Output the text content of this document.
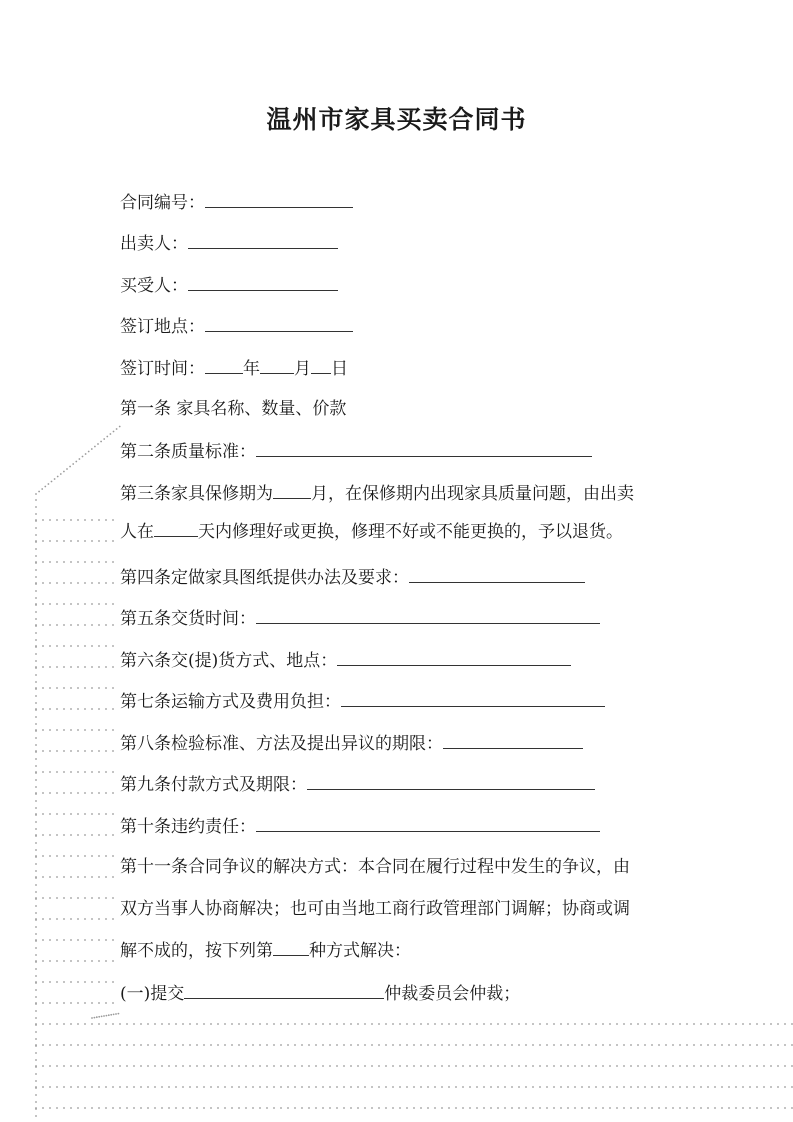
温州市家具买卖合同书
合同编号：
出卖人：
买受人：
签订地点：
签订时间： 年 月 日
第一条 家具名称、数量、价款
第二条质量标准：
第三条家具保修期为 月，在保修期内出现家具质量问题，由出卖
人在	天内修理好或更换，修理不好或不能更换的，予以退货。
第四条定做家具图纸提供办法及要求：
第五条交货时间：
第六条交(提)货方式、地点：
第七条运输方式及费用负担：
第八条检验标准、方法及提出异议的期限：
第九条付款方式及期限：
第十条违约责任：
第十一条合同争议的解决方式：本合同在履行过程中发生的争议，由
双方当事人协商解决；也可由当地工商行政管理部门调解；协商或调
解不成的，按下列第 种方式解决：
(一)提交	仲裁委员会仲裁；
